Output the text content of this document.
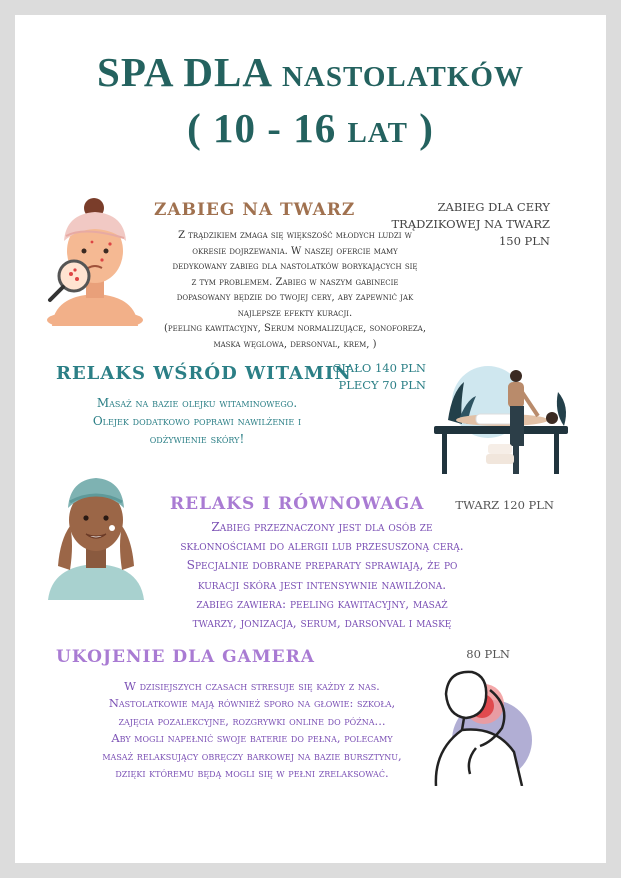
SPA DLA nastolatków
( 10 - 16 lat )
ZABIEG NA TWARZ	ZABIEG DLA CERY
TRĄDZIKOWEJ NA TWARZ
150 PLN

Z trądzikiem zmaga się większość młodych ludzi w
okresie dojrzewania. W naszej ofercie mamy
dedykowany zabieg dla nastolatków borykających się
z tym problemem. Zabieg w naszym gabinecie
dopasowany będzie do twojej cery, aby zapewnić jak
najlepsze efekty kuracji.
(peeling kawitacyjny, Serum normalizujące, sonoforeza,
maska węglowa, dersonval, krem, )

RELAKS WŚRÓD WITAMIN

CIAŁO 140 PLN
PLECY 70 PLN

Masaż na bazie olejku witaminowego.
Olejek dodatkowo poprawi nawilżenie i
odżywienie skóry!

RELAKS I RÓWNOWAGA	TWARZ 120 PLN

Zabieg przeznaczony jest dla osób ze
skłonnościami do alergii lub przesuszoną cerą.
Specjalnie dobrane preparaty sprawiają, że po
kuracji skóra jest intensywnie nawilżona.
zabieg zawiera: peeling kawitacyjny, masaż
twarzy, jonizacja, serum, darsonval i maskę

UKOJENIE DLA GAMERA	80 PLN

W dzisiejszych czasach stresuje się każdy z nas.
Nastolatkowie mają również sporo na głowie: szkoła,
zajęcia pozalekcyjne, rozgrywki online do późna...
Aby mogli napełnić swoje baterie do pełna, polecamy
masaż relaksujący obręczy barkowej na bazie bursztynu,
dzięki któremu będą mogli się w pełni zrelaksować.
